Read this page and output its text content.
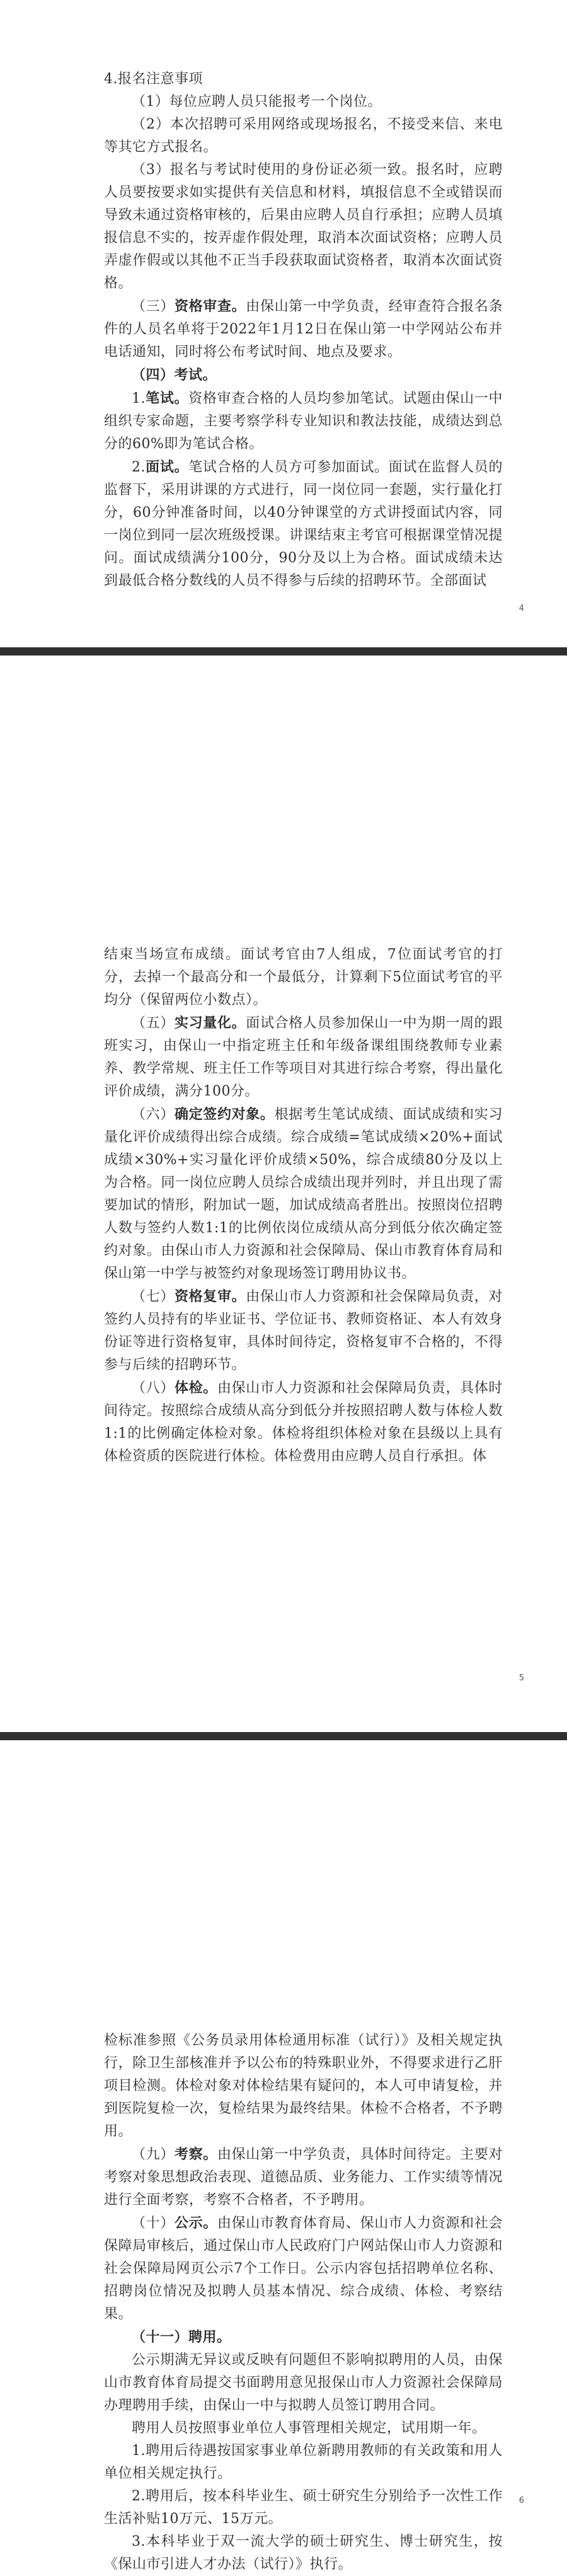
4.报名注意事项

（1）每位应聘人员只能报考一个岗位。

（2）本次招聘可采用网络或现场报名，不接受来信、来电等其它方式报名。

（3）报名与考试时使用的身份证必须一致。报名时，应聘人员要按要求如实提供有关信息和材料，填报信息不全或错误而导致未通过资格审核的，后果由应聘人员自行承担；应聘人员填报信息不实的，按弄虚作假处理，取消本次面试资格；应聘人员弄虚作假或以其他不正当手段获取面试资格者，取消本次面试资格。

（三）资格审查。由保山第一中学负责，经审查符合报名条件的人员名单将于2022年1月12日在保山第一中学网站公布并电话通知，同时将公布考试时间、地点及要求。

（四）考试。

1.笔试。资格审查合格的人员均参加笔试。试题由保山一中组织专家命题，主要考察学科专业知识和教法技能，成绩达到总分的60%即为笔试合格。

2.面试。笔试合格的人员方可参加面试。面试在监督人员的监督下，采用讲课的方式进行，同一岗位同一套题，实行量化打分，60分钟准备时间，以40分钟课堂的方式讲授面试内容，同一岗位到同一层次班级授课。讲课结束主考官可根据课堂情况提问。面试成绩满分100分，90分及以上为合格。面试成绩未达到最低合格分数线的人员不得参与后续的招聘环节。全部面试

4

结束当场宣布成绩。面试考官由7人组成，7位面试考官的打分，去掉一个最高分和一个最低分，计算剩下5位面试考官的平均分（保留两位小数点）。

（五）实习量化。面试合格人员参加保山一中为期一周的跟班实习，由保山一中指定班主任和年级备课组围绕教师专业素养、教学常规、班主任工作等项目对其进行综合考察，得出量化评价成绩，满分100分。

（六）确定签约对象。根据考生笔试成绩、面试成绩和实习量化评价成绩得出综合成绩。综合成绩=笔试成绩×20%+面试成绩×30%+实习量化评价成绩×50%，综合成绩80分及以上为合格。同一岗位应聘人员综合成绩出现并列时，并且出现了需要加试的情形，附加试一题，加试成绩高者胜出。按照岗位招聘人数与签约人数1:1的比例依岗位成绩从高分到低分依次确定签约对象。由保山市人力资源和社会保障局、保山市教育体育局和保山第一中学与被签约对象现场签订聘用协议书。

（七）资格复审。由保山市人力资源和社会保障局负责，对签约人员持有的毕业证书、学位证书、教师资格证、本人有效身份证等进行资格复审，具体时间待定，资格复审不合格的，不得参与后续的招聘环节。

（八）体检。由保山市人力资源和社会保障局负责，具体时间待定。按照综合成绩从高分到低分并按照招聘人数与体检人数1:1的比例确定体检对象。体检将组织体检对象在县级以上具有体检资质的医院进行体检。体检费用由应聘人员自行承担。体

5

检标准参照《公务员录用体检通用标准（试行）》及相关规定执行，除卫生部核准并予以公布的特殊职业外，不得要求进行乙肝项目检测。体检对象对体检结果有疑问的，本人可申请复检，并到医院复检一次，复检结果为最终结果。体检不合格者，不予聘用。

（九）考察。由保山第一中学负责，具体时间待定。主要对考察对象思想政治表现、道德品质、业务能力、工作实绩等情况进行全面考察，考察不合格者，不予聘用。

（十）公示。由保山市教育体育局、保山市人力资源和社会保障局审核后，通过保山市人民政府门户网站保山市人力资源和社会保障局网页公示7个工作日。公示内容包括招聘单位名称、招聘岗位情况及拟聘人员基本情况、综合成绩、体检、考察结果。

（十一）聘用。

公示期满无异议或反映有问题但不影响拟聘用的人员，由保山市教育体育局提交书面聘用意见报保山市人力资源社会保障局办理聘用手续，由保山一中与拟聘人员签订聘用合同。

聘用人员按照事业单位人事管理相关规定，试用期一年。

1.聘用后待遇按国家事业单位新聘用教师的有关政策和用人单位相关规定执行。

2.聘用后，按本科毕业生、硕士研究生分别给予一次性工作生活补贴10万元、15万元。

3.本科毕业于双一流大学的硕士研究生、博士研究生，按《保山市引进人才办法（试行）》执行。

6
